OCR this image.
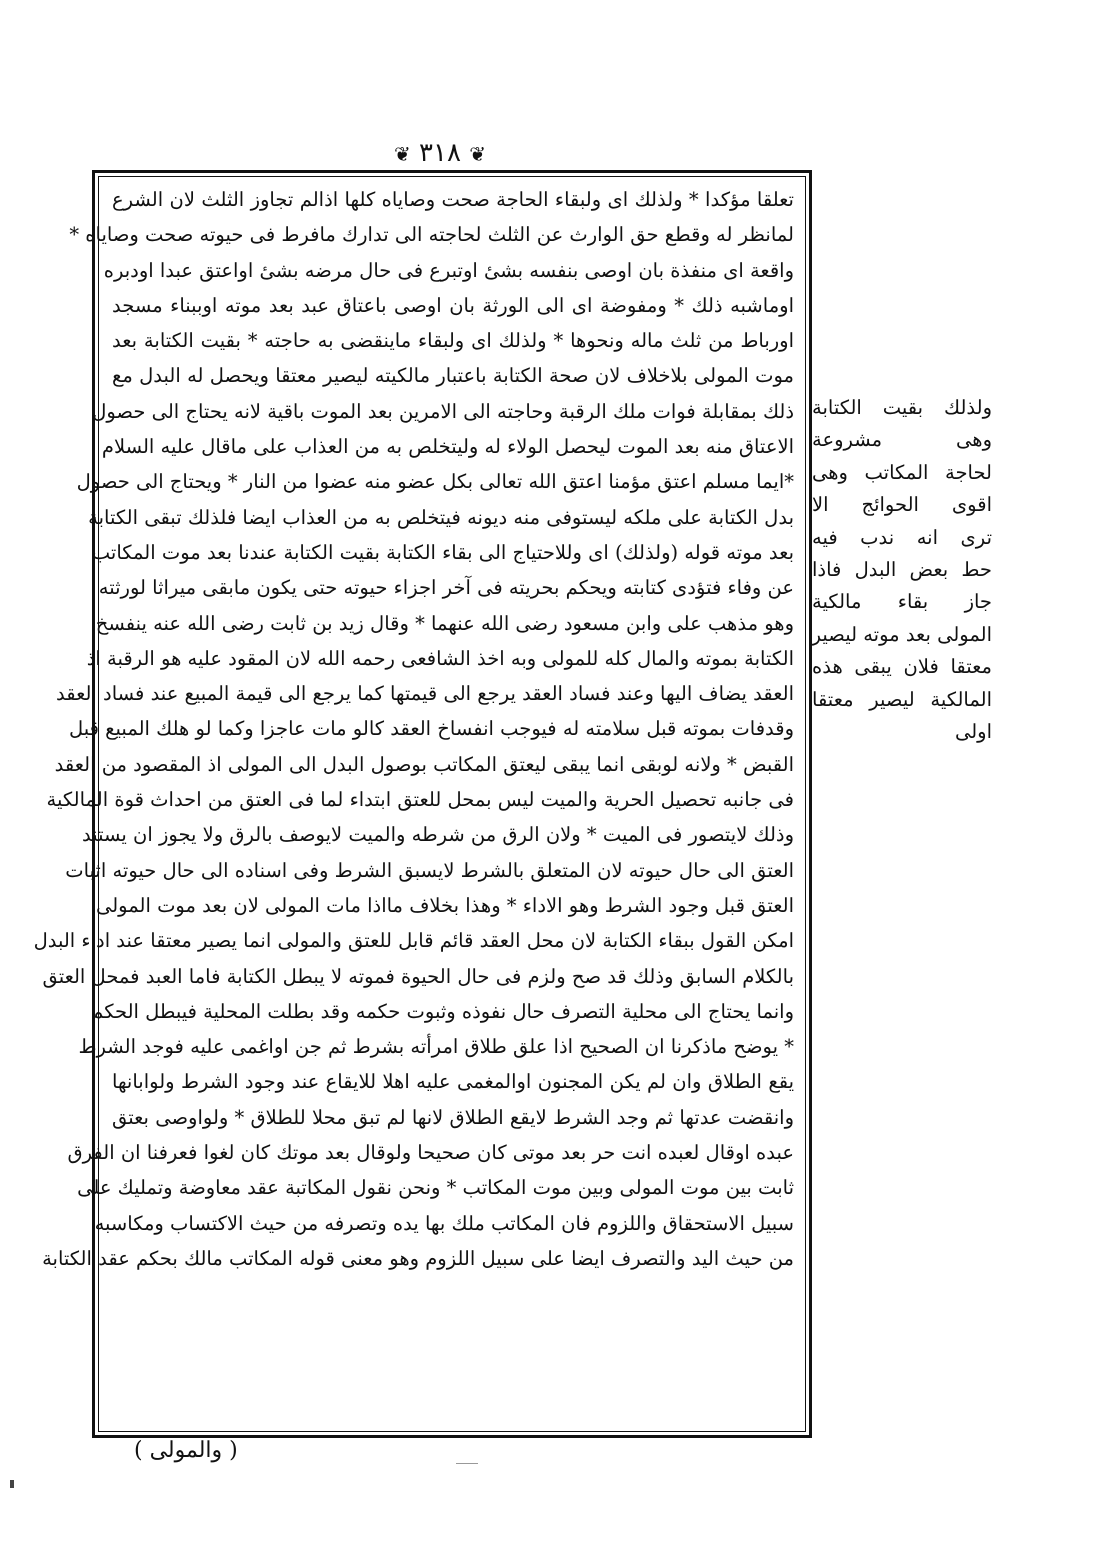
❦ ٣١٨ ❦
تعلقا مؤكدا * ولذلك اى ولبقاء الحاجة صحت وصاياه كلها اذالم تجاوز الثلث لان الشرع
لمانظر له وقطع حق الوارث عن الثلث لحاجته الى تدارك مافرط فى حيوته صحت وصاياه *
واقعة اى منفذة بان اوصى بنفسه بشىٔ اوتبرع فى حال مرضه بشىٔ اواعتق عبدا اودبره
اوماشبه ذلك * ومفوضة اى الى الورثة بان اوصى باعتاق عبد بعد موته اوببناء مسجد
اورباط من ثلث ماله ونحوها * ولذلك اى ولبقاء ماينقضى به حاجته * بقيت الكتابة بعد
موت المولى بلاخلاف لان صحة الكتابة باعتبار مالكيته ليصير معتقا ويحصل له البدل مع
ذلك بمقابلة فوات ملك الرقبة وحاجته الى الامرين بعد الموت باقية لانه يحتاج الى حصول
الاعتاق منه بعد الموت ليحصل الولاء له وليتخلص به من العذاب على ماقال عليه السلام
*ايما مسلم اعتق مؤمنا اعتق الله تعالى بكل عضو منه عضوا من النار * ويحتاج الى حصول
بدل الكتابة على ملكه ليستوفى منه ديونه فيتخلص به من العذاب ايضا فلذلك تبقى الكتابة
بعد موته قوله (ولذلك) اى وللاحتياج الى بقاء الكتابة بقيت الكتابة عندنا بعد موت المكاتب
عن وفاء فتؤدى كتابته ويحكم بحريته فى آخر اجزاء حيوته حتى يكون مابقى ميراثا لورثته
وهو مذهب على وابن مسعود رضى الله عنهما * وقال زيد بن ثابت رضى الله عنه ينفسخ
الكتابة بموته والمال كله للمولى وبه اخذ الشافعى رحمه الله لان المقود عليه هو الرقبة اذ
العقد يضاف اليها وعند فساد العقد يرجع الى قيمتها كما يرجع الى قيمة المبيع عند فساد العقد
وقدفات بموته قبل سلامته له فيوجب انفساخ العقد كالو مات عاجزا وكما لو هلك المبيع قبل
القبض * ولانه لوبقى انما يبقى ليعتق المكاتب بوصول البدل الى المولى اذ المقصود من العقد
فى جانبه تحصيل الحرية والميت ليس بمحل للعتق ابتداء لما فى العتق من احداث قوة المالكية
وذلك لايتصور فى الميت * ولان الرق من شرطه والميت لايوصف بالرق ولا يجوز ان يستند
العتق الى حال حيوته لان المتعلق بالشرط لايسبق الشرط وفى اسناده الى حال حيوته اثبات
العتق قبل وجود الشرط وهو الاداء * وهذا بخلاف مااذا مات المولى لان بعد موت المولى
امكن القول ببقاء الكتابة لان محل العقد قائم قابل للعتق والمولى انما يصير معتقا عند اداء البدل
بالكلام السابق وذلك قد صح ولزم فى حال الحيوة فموته لا يبطل الكتابة فاما العبد فمحل العتق
وانما يحتاج الى محلية التصرف حال نفوذه وثبوت حكمه وقد بطلت المحلية فيبطل الحكم
* يوضح ماذكرنا ان الصحيح اذا علق طلاق امرأته بشرط ثم جن اواغمى عليه فوجد الشرط
يقع الطلاق وان لم يكن المجنون اوالمغمى عليه اهلا للايقاع عند وجود الشرط ولوابانها
وانقضت عدتها ثم وجد الشرط لايقع الطلاق لانها لم تبق محلا للطلاق * ولواوصى بعتق
عبده اوقال لعبده انت حر بعد موتى كان صحيحا ولوقال بعد موتك كان لغوا فعرفنا ان الفرق
ثابت بين موت المولى وبين موت المكاتب * ونحن نقول المكاتبة عقد معاوضة وتمليك على
سبيل الاستحقاق واللزوم فان المكاتب ملك بها يده وتصرفه من حيث الاكتساب ومكاسبه
من حيث اليد والتصرف ايضا على سبيل اللزوم وهو معنى قوله المكاتب مالك بحكم عقد الكتابة
ولذلك بقيت الكتابة
وهى مشروعة
لحاجة المكاتب وهى
اقوى الحوائج الا
ترى انه ندب فيه
حط بعض البدل فاذا
جاز بقاء مالكية
المولى بعد موته ليصير
معتقا فلان يبقى هذه
المالكية ليصير معتقا
اولى
( والمولى )
